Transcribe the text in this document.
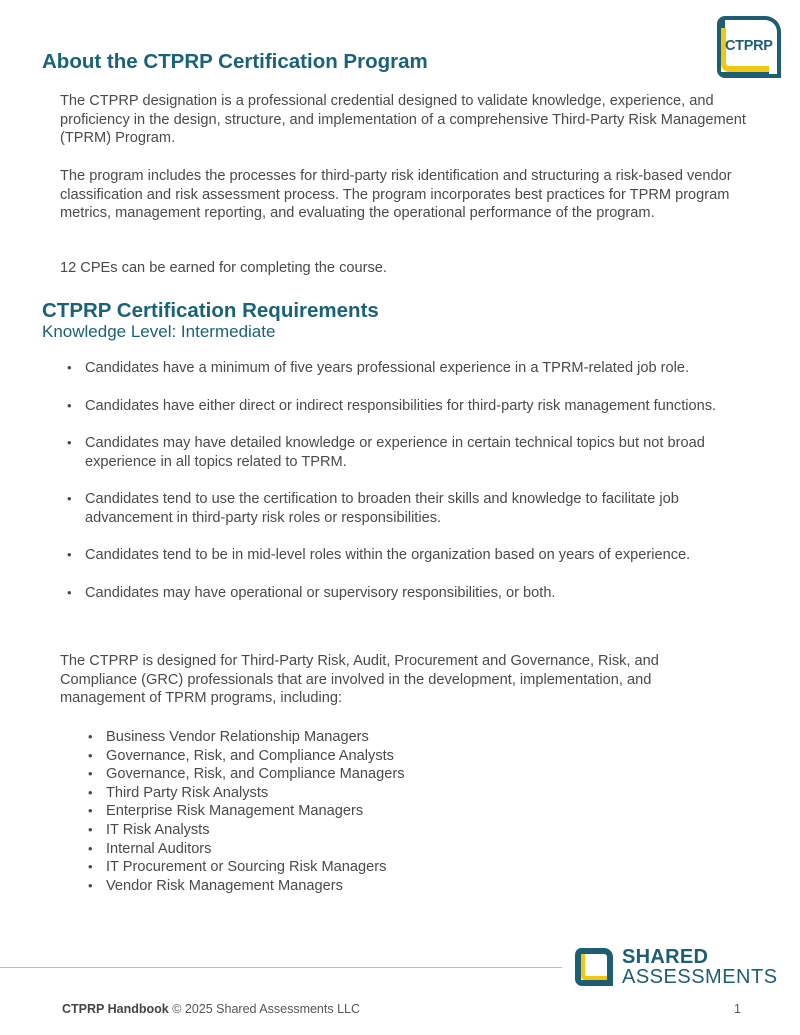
CTPRP
About the CTPRP Certification Program

The CTPRP designation is a professional credential designed to validate knowledge, experience, and proficiency in the design, structure, and implementation of a comprehensive Third-Party Risk Management (TPRM) Program.

The program includes the processes for third-party risk identification and structuring a risk-based vendor classification and risk assessment process. The program incorporates best practices for TPRM program metrics, management reporting, and evaluating the operational performance of the program.

12 CPEs can be earned for completing the course.

CTPRP Certification Requirements
Knowledge Level: Intermediate
• Candidates have a minimum of five years professional experience in a TPRM-related job role.
• Candidates have either direct or indirect responsibilities for third-party risk management functions.
• Candidates may have detailed knowledge or experience in certain technical topics but not broad experience in all topics related to TPRM.
• Candidates tend to use the certification to broaden their skills and knowledge to facilitate job advancement in third-party risk roles or responsibilities.
• Candidates tend to be in mid-level roles within the organization based on years of experience.
• Candidates may have operational or supervisory responsibilities, or both.

The CTPRP is designed for Third-Party Risk, Audit, Procurement and Governance, Risk, and Compliance (GRC) professionals that are involved in the development, implementation, and management of TPRM programs, including:

• Business Vendor Relationship Managers
• Governance, Risk, and Compliance Analysts
• Governance, Risk, and Compliance Managers
• Third Party Risk Analysts
• Enterprise Risk Management Managers
• IT Risk Analysts
• Internal Auditors
• IT Procurement or Sourcing Risk Managers
• Vendor Risk Management Managers
SHARED
ASSESSMENTS
CTPRP Handbook © 2025 Shared Assessments LLC	1
